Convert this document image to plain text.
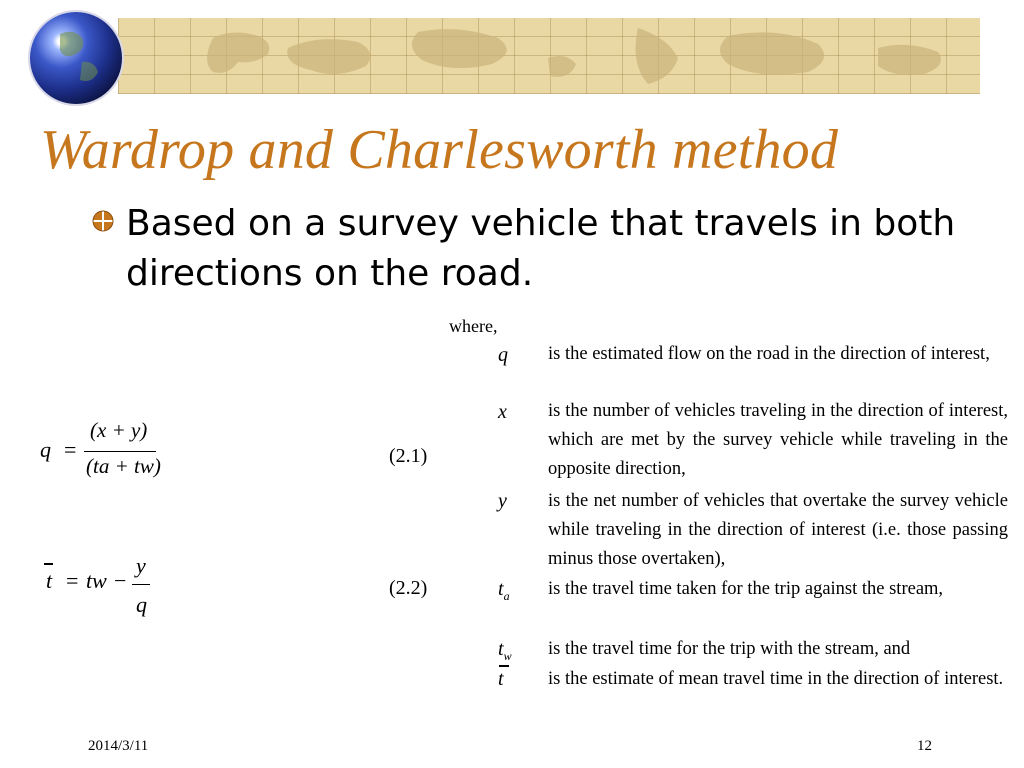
Wardrop and Charlesworth method
Based on a survey vehicle that travels in both directions on the road.
q =
(x + y)
(ta + tw)	(2.1)
t = tw −
y
q
(2.2)
where,
q is the estimated flow on the road in the direction of interest,
x is the number of vehicles traveling in the direction of interest, which are met by the survey vehicle while traveling in the opposite direction,
y is the net number of vehicles that overtake the survey vehicle while traveling in the direction of interest (i.e. those passing minus those overtaken),
$t_a$ is the travel time taken for the trip against the stream,
$t_w$ is the travel time for the trip with the stream, and
t is the estimate of mean travel time in the direction of interest.
2014/3/11	12
